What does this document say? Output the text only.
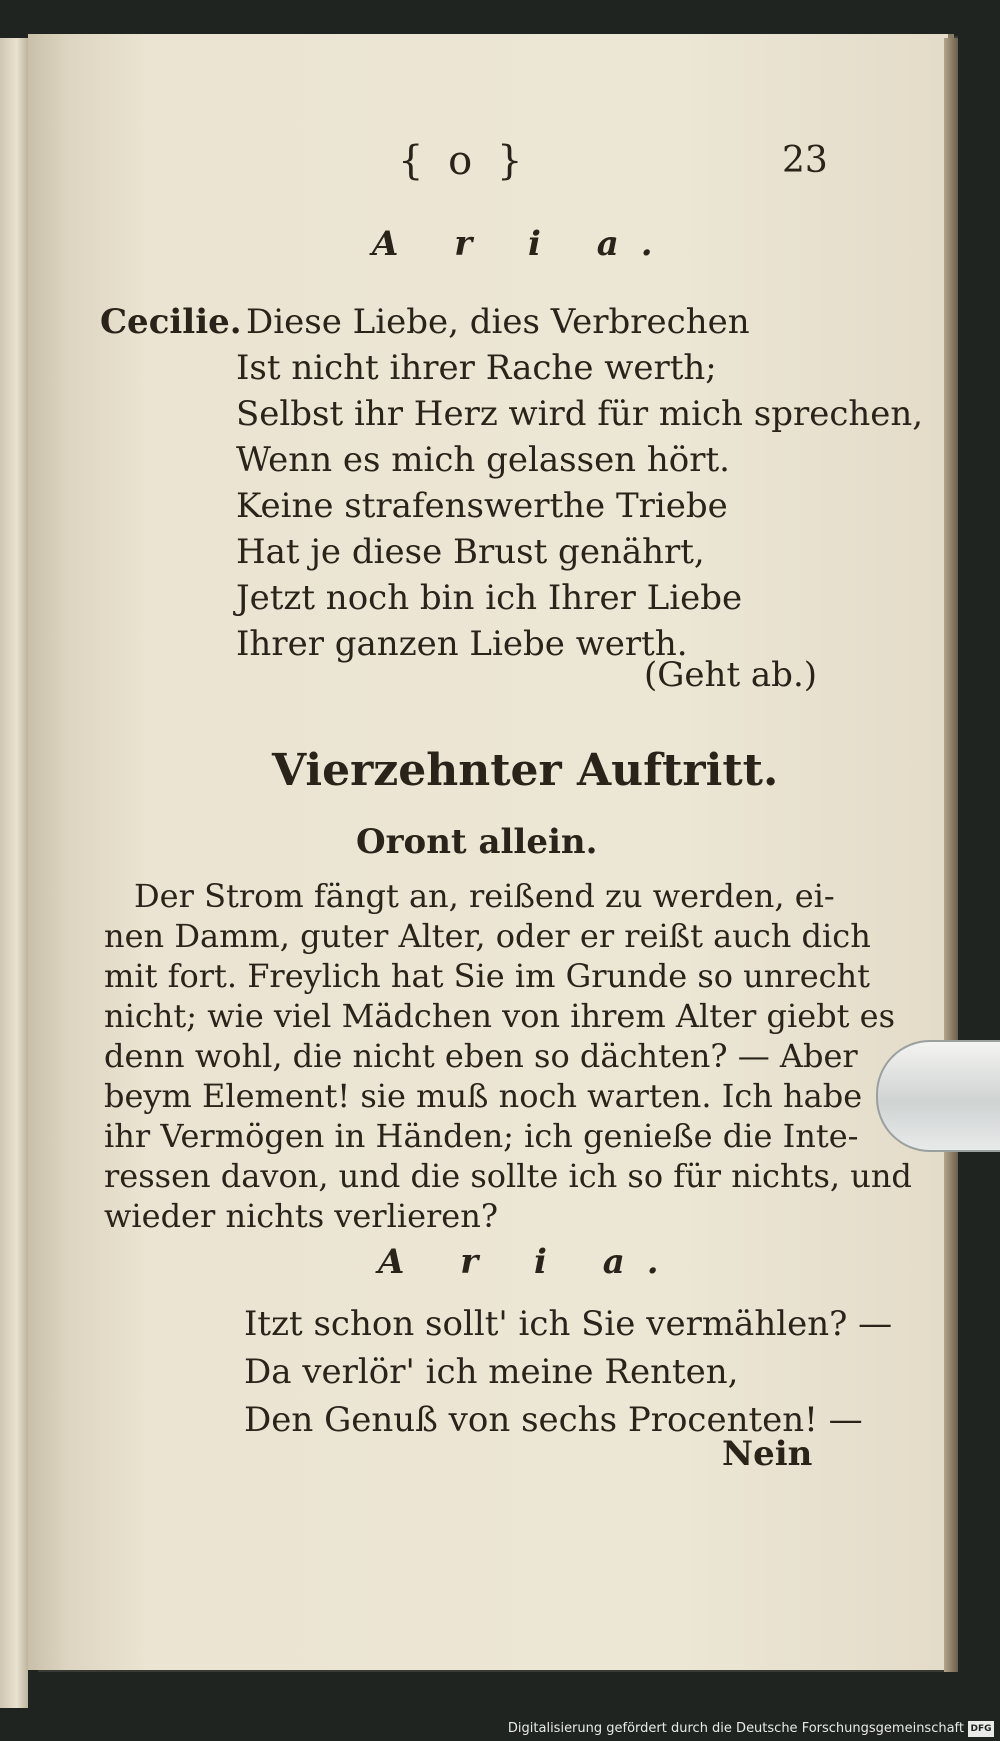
{ o }	23
A r i a.
Cecilie. Diese Liebe, dies Verbrechen
Ist nicht ihrer Rache werth;
Selbst ihr Herz wird für mich sprechen,
Wenn es mich gelassen hört.
Keine strafenswerthe Triebe
Hat je diese Brust genährt,
Jetzt noch bin ich Ihrer Liebe
Ihrer ganzen Liebe werth.
(Geht ab.)
Vierzehnter Auftritt.
Oront allein.
Der Strom fängt an, reißend zu werden, ei-
nen Damm, guter Alter, oder er reißt auch dich
mit fort. Freylich hat Sie im Grunde so unrecht
nicht; wie viel Mädchen von ihrem Alter giebt es
denn wohl, die nicht eben so dächten? — Aber
beym Element! sie muß noch warten. Ich habe
ihr Vermögen in Händen; ich genieße die Inte-
ressen davon, und die sollte ich so für nichts, und
wieder nichts verlieren?
A r i a.
Itzt schon sollt' ich Sie vermählen? —
Da verlör' ich meine Renten,
Den Genuß von sechs Procenten! —
Nein
Digitalisierung gefördert durch die Deutsche Forschungsgemeinschaft DFG
